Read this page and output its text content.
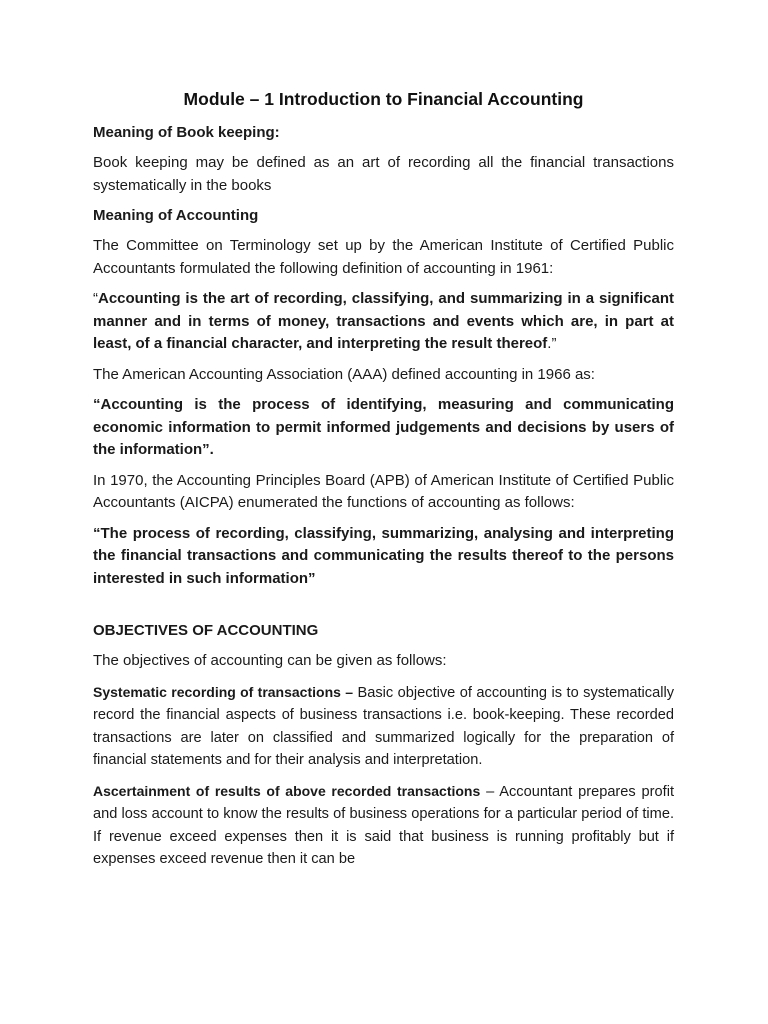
Module – 1 Introduction to Financial Accounting
Meaning of Book keeping:
Book keeping may be defined as an art of recording all the financial transactions systematically in the books
Meaning of Accounting
The Committee on Terminology set up by the American Institute of Certified Public Accountants formulated the following definition of accounting in 1961:
“Accounting is the art of recording, classifying, and summarizing in a significant manner and in terms of money, transactions and events which are, in part at least, of a financial character, and interpreting the result thereof.”
The American Accounting Association (AAA) defined accounting in 1966 as:
“Accounting is the process of identifying, measuring and communicating economic information to permit informed judgements and decisions by users of the information”.
In 1970, the Accounting Principles Board (APB) of American Institute of Certified Public Accountants (AICPA) enumerated the functions of accounting as follows:
“The process of recording, classifying, summarizing, analysing and interpreting the financial transactions and communicating the results thereof to the persons interested in such information”
OBJECTIVES OF ACCOUNTING
The objectives of accounting can be given as follows:
Systematic recording of transactions – Basic objective of accounting is to systematically record the financial aspects of business transactions i.e. book-keeping. These recorded transactions are later on classified and summarized logically for the preparation of financial statements and for their analysis and interpretation.
Ascertainment of results of above recorded transactions – Accountant prepares profit and loss account to know the results of business operations for a particular period of time. If revenue exceed expenses then it is said that business is running profitably but if expenses exceed revenue then it can be
